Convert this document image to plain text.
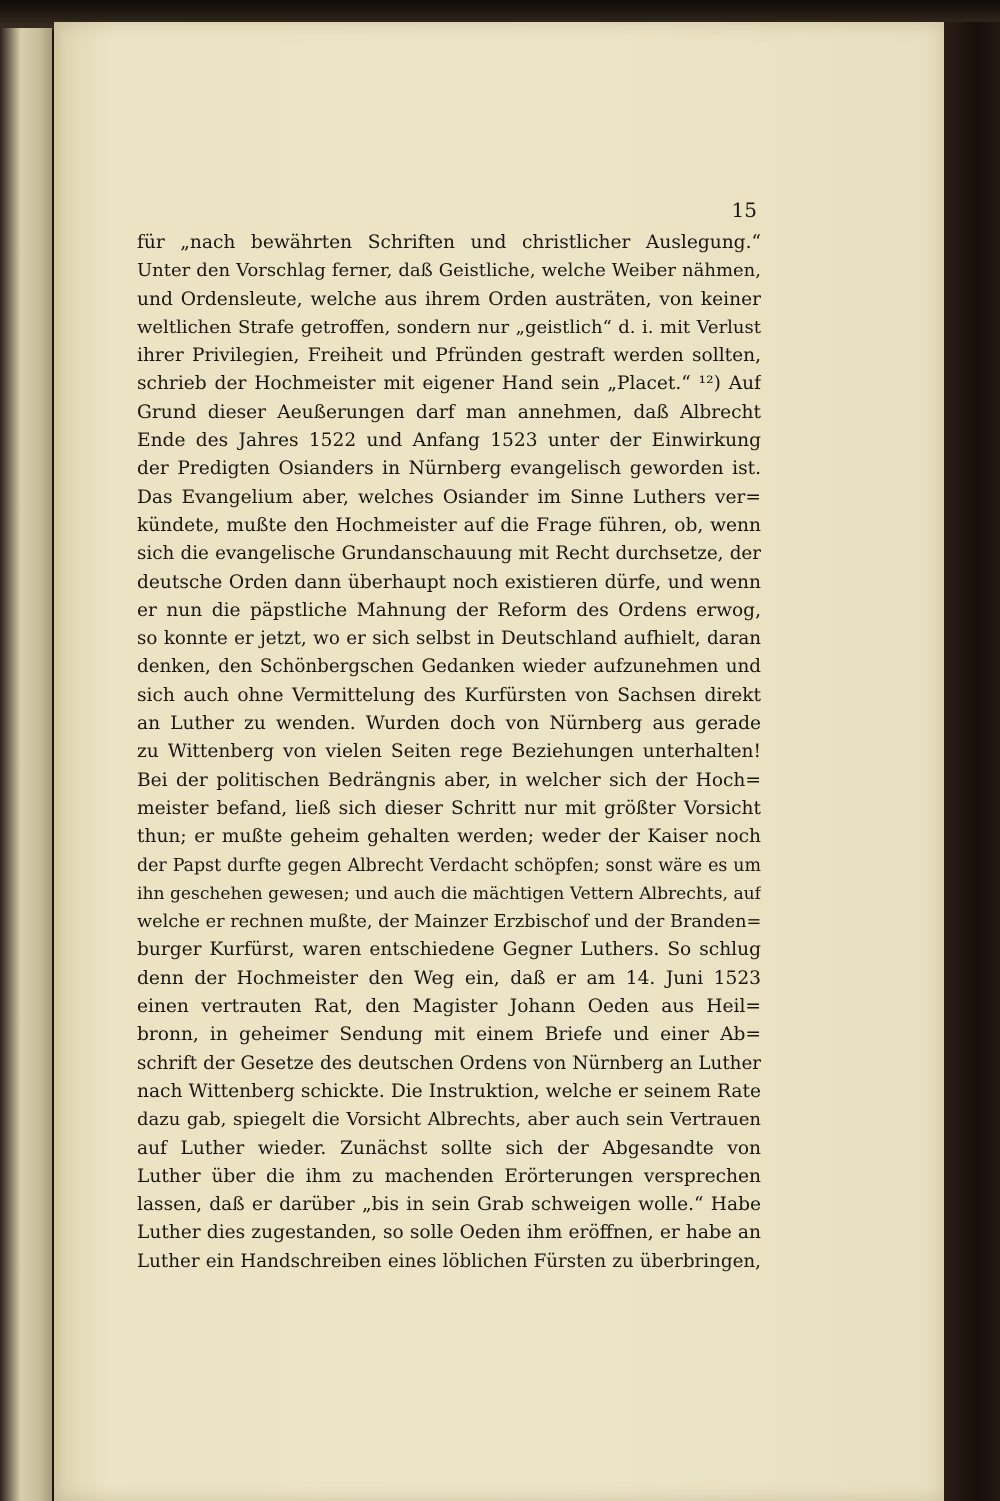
15
für „nach bewährten Schriften und christlicher Auslegung.“
Unter den Vorschlag ferner, daß Geistliche, welche Weiber nähmen,
und Ordensleute, welche aus ihrem Orden austräten, von keiner
weltlichen Strafe getroffen, sondern nur „geistlich“ d. i. mit Verlust
ihrer Privilegien, Freiheit und Pfründen gestraft werden sollten,
schrieb der Hochmeister mit eigener Hand sein „Placet.“ ¹²) Auf
Grund dieser Aeußerungen darf man annehmen, daß Albrecht
Ende des Jahres 1522 und Anfang 1523 unter der Einwirkung
der Predigten Osianders in Nürnberg evangelisch geworden ist.
Das Evangelium aber, welches Osiander im Sinne Luthers ver=
kündete, mußte den Hochmeister auf die Frage führen, ob, wenn
sich die evangelische Grundanschauung mit Recht durchsetze, der
deutsche Orden dann überhaupt noch existieren dürfe, und wenn
er nun die päpstliche Mahnung der Reform des Ordens erwog,
so konnte er jetzt, wo er sich selbst in Deutschland aufhielt, daran
denken, den Schönbergschen Gedanken wieder aufzunehmen und
sich auch ohne Vermittelung des Kurfürsten von Sachsen direkt
an Luther zu wenden. Wurden doch von Nürnberg aus gerade
zu Wittenberg von vielen Seiten rege Beziehungen unterhalten!
Bei der politischen Bedrängnis aber, in welcher sich der Hoch=
meister befand, ließ sich dieser Schritt nur mit größter Vorsicht
thun; er mußte geheim gehalten werden; weder der Kaiser noch
der Papst durfte gegen Albrecht Verdacht schöpfen; sonst wäre es um
ihn geschehen gewesen; und auch die mächtigen Vettern Albrechts, auf
welche er rechnen mußte, der Mainzer Erzbischof und der Branden=
burger Kurfürst, waren entschiedene Gegner Luthers. So schlug
denn der Hochmeister den Weg ein, daß er am 14. Juni 1523
einen vertrauten Rat, den Magister Johann Oeden aus Heil=
bronn, in geheimer Sendung mit einem Briefe und einer Ab=
schrift der Gesetze des deutschen Ordens von Nürnberg an Luther
nach Wittenberg schickte. Die Instruktion, welche er seinem Rate
dazu gab, spiegelt die Vorsicht Albrechts, aber auch sein Vertrauen
auf Luther wieder. Zunächst sollte sich der Abgesandte von
Luther über die ihm zu machenden Erörterungen versprechen
lassen, daß er darüber „bis in sein Grab schweigen wolle.“ Habe
Luther dies zugestanden, so solle Oeden ihm eröffnen, er habe an
Luther ein Handschreiben eines löblichen Fürsten zu überbringen,
